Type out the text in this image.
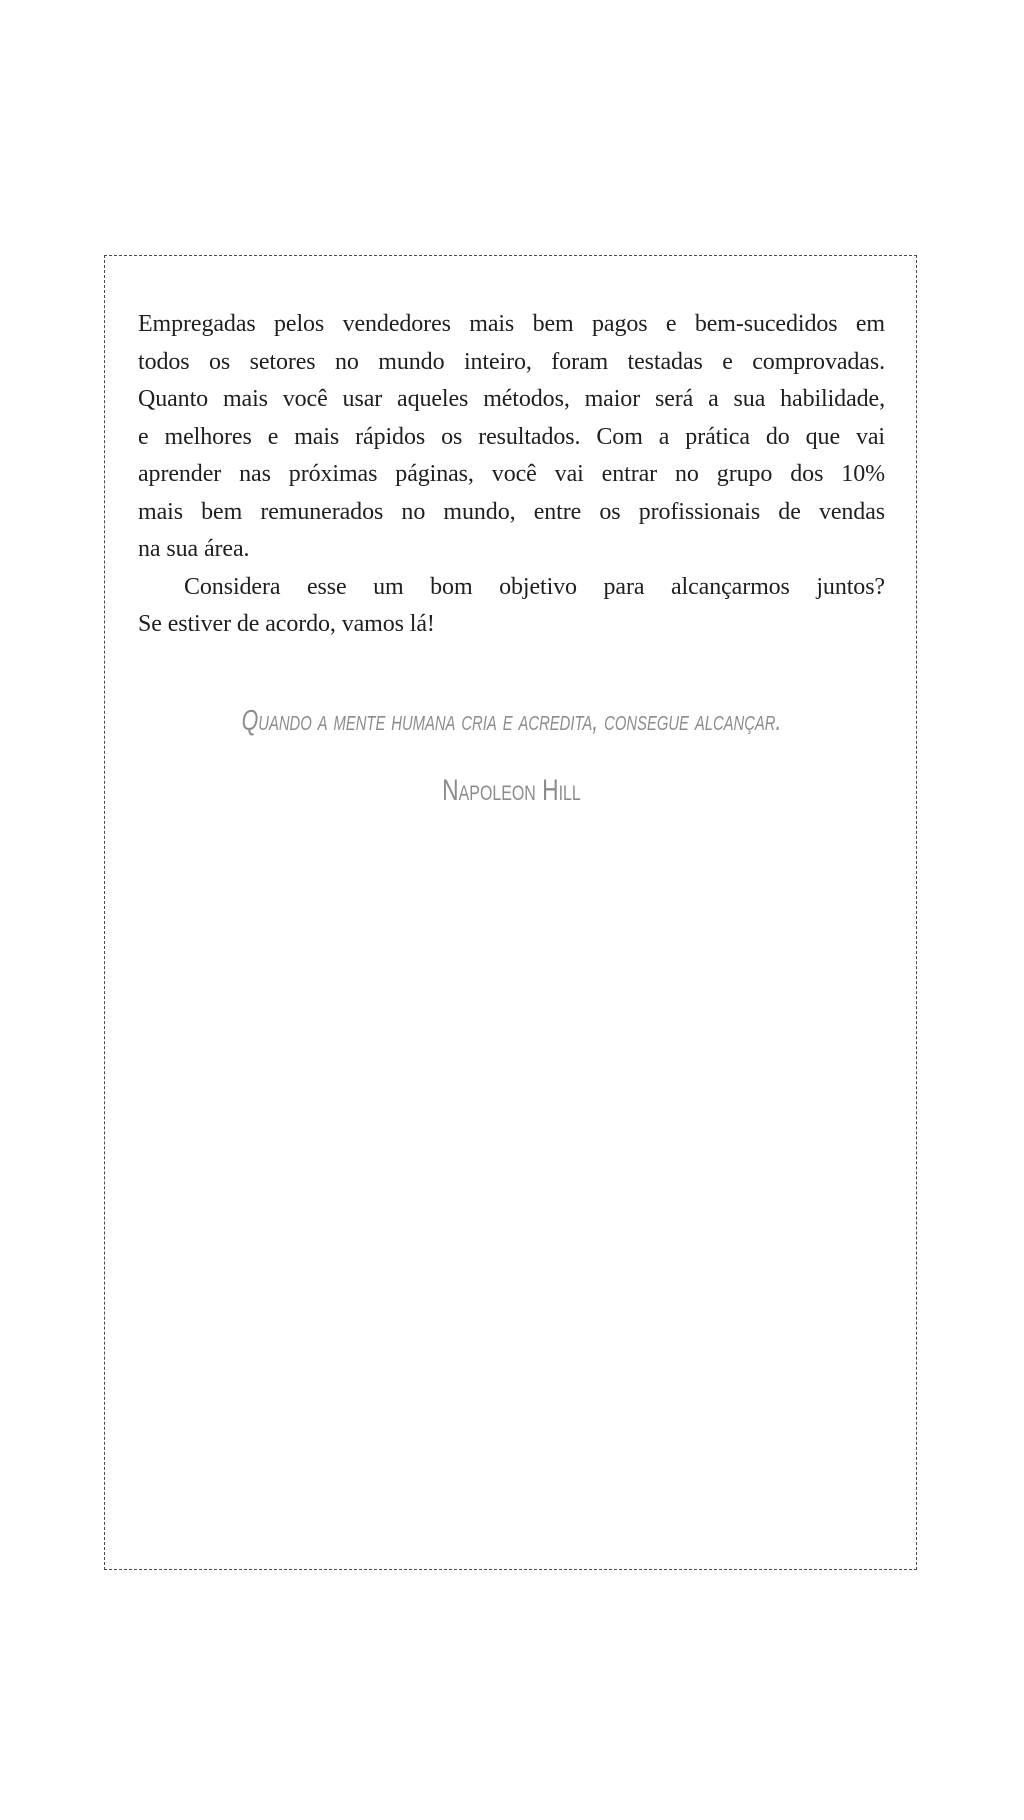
Empregadas pelos vendedores mais bem pagos e bem-sucedidos em
todos os setores no mundo inteiro, foram testadas e comprovadas.
Quanto mais você usar aqueles métodos, maior será a sua habilidade,
e melhores e mais rápidos os resultados. Com a prática do que vai
aprender nas próximas páginas, você vai entrar no grupo dos 10%
mais bem remunerados no mundo, entre os profissionais de vendas
na sua área.
Considera esse um bom objetivo para alcançarmos juntos?
Se estiver de acordo, vamos lá!
Quando a mente humana cria e acredita, consegue alcançar.
Napoleon Hill
